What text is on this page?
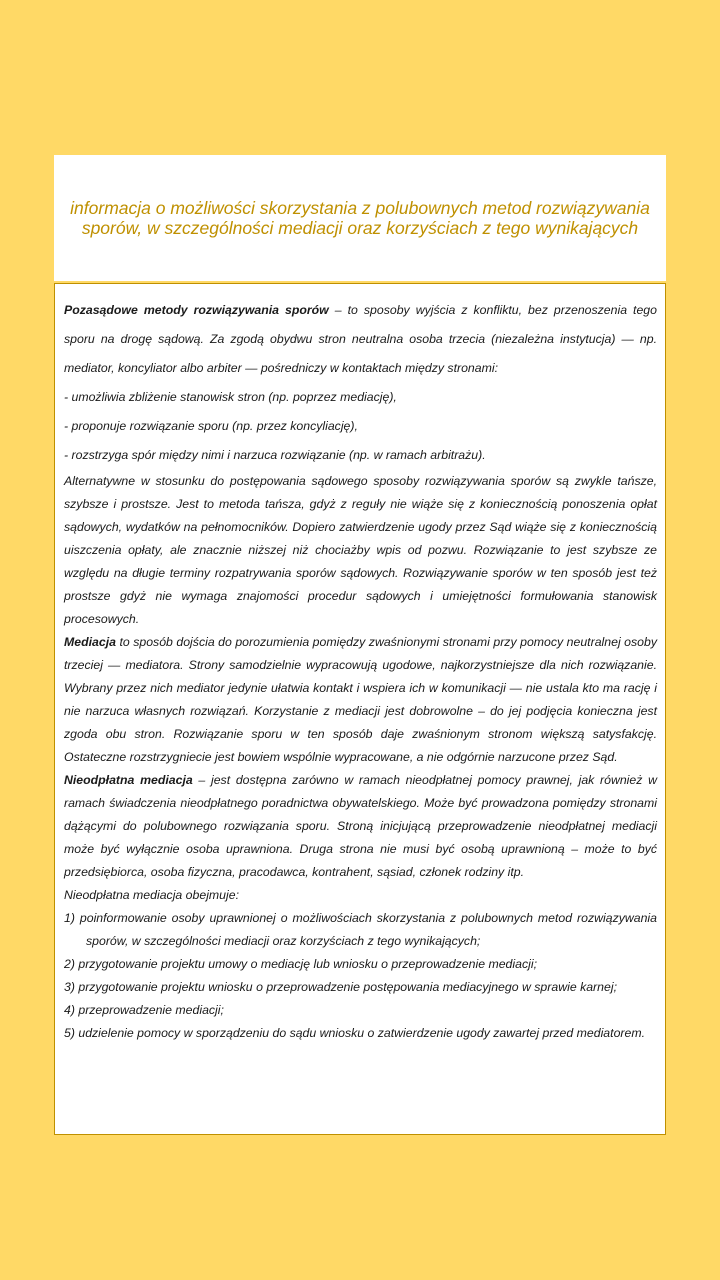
informacja o możliwości skorzystania z polubownych metod rozwiązywania sporów, w szczególności mediacji oraz korzyściach z tego wynikających

Pozasądowe metody rozwiązywania sporów – to sposoby wyjścia z konfliktu, bez przenoszenia tego sporu na drogę sądową. Za zgodą obydwu stron neutralna osoba trzecia (niezależna instytucja) — np. mediator, koncyliator albo arbiter — pośredniczy w kontaktach między stronami:

- umożliwia zbliżenie stanowisk stron (np. poprzez mediację),

- proponuje rozwiązanie sporu (np. przez koncyliację),

- rozstrzyga spór między nimi i narzuca rozwiązanie (np. w ramach arbitrażu).

Alternatywne w stosunku do postępowania sądowego sposoby rozwiązywania sporów są zwykle tańsze, szybsze i prostsze. Jest to metoda tańsza, gdyż z reguły nie wiąże się z koniecznością ponoszenia opłat sądowych, wydatków na pełnomocników. Dopiero zatwierdzenie ugody przez Sąd wiąże się z koniecznością uiszczenia opłaty, ale znacznie niższej niż chociażby wpis od pozwu. Rozwiązanie to jest szybsze ze względu na długie terminy rozpatrywania sporów sądowych. Rozwiązywanie sporów w ten sposób jest też prostsze gdyż nie wymaga znajomości procedur sądowych i umiejętności formułowania stanowisk procesowych.

Mediacja to sposób dojścia do porozumienia pomiędzy zwaśnionymi stronami przy pomocy neutralnej osoby trzeciej — mediatora. Strony samodzielnie wypracowują ugodowe, najkorzystniejsze dla nich rozwiązanie. Wybrany przez nich mediator jedynie ułatwia kontakt i wspiera ich w komunikacji — nie ustala kto ma rację i nie narzuca własnych rozwiązań. Korzystanie z mediacji jest dobrowolne – do jej podjęcia konieczna jest zgoda obu stron. Rozwiązanie sporu w ten sposób daje zwaśnionym stronom większą satysfakcję. Ostateczne rozstrzygniecie jest bowiem wspólnie wypracowane, a nie odgórnie narzucone przez Sąd.

Nieodpłatna mediacja – jest dostępna zarówno w ramach nieodpłatnej pomocy prawnej, jak również w ramach świadczenia nieodpłatnego poradnictwa obywatelskiego. Może być prowadzona pomiędzy stronami dążącymi do polubownego rozwiązania sporu. Stroną inicjującą przeprowadzenie nieodpłatnej mediacji może być wyłącznie osoba uprawniona. Druga strona nie musi być osobą uprawnioną – może to być przedsiębiorca, osoba fizyczna, pracodawca, kontrahent, sąsiad, członek rodziny itp.

Nieodpłatna mediacja obejmuje:

1) poinformowanie osoby uprawnionej o możliwościach skorzystania z polubownych metod rozwiązywania sporów, w szczególności mediacji oraz korzyściach z tego wynikających;
2) przygotowanie projektu umowy o mediację lub wniosku o przeprowadzenie mediacji;
3) przygotowanie projektu wniosku o przeprowadzenie postępowania mediacyjnego w sprawie karnej;
4) przeprowadzenie mediacji;
5) udzielenie pomocy w sporządzeniu do sądu wniosku o zatwierdzenie ugody zawartej przed mediatorem.
